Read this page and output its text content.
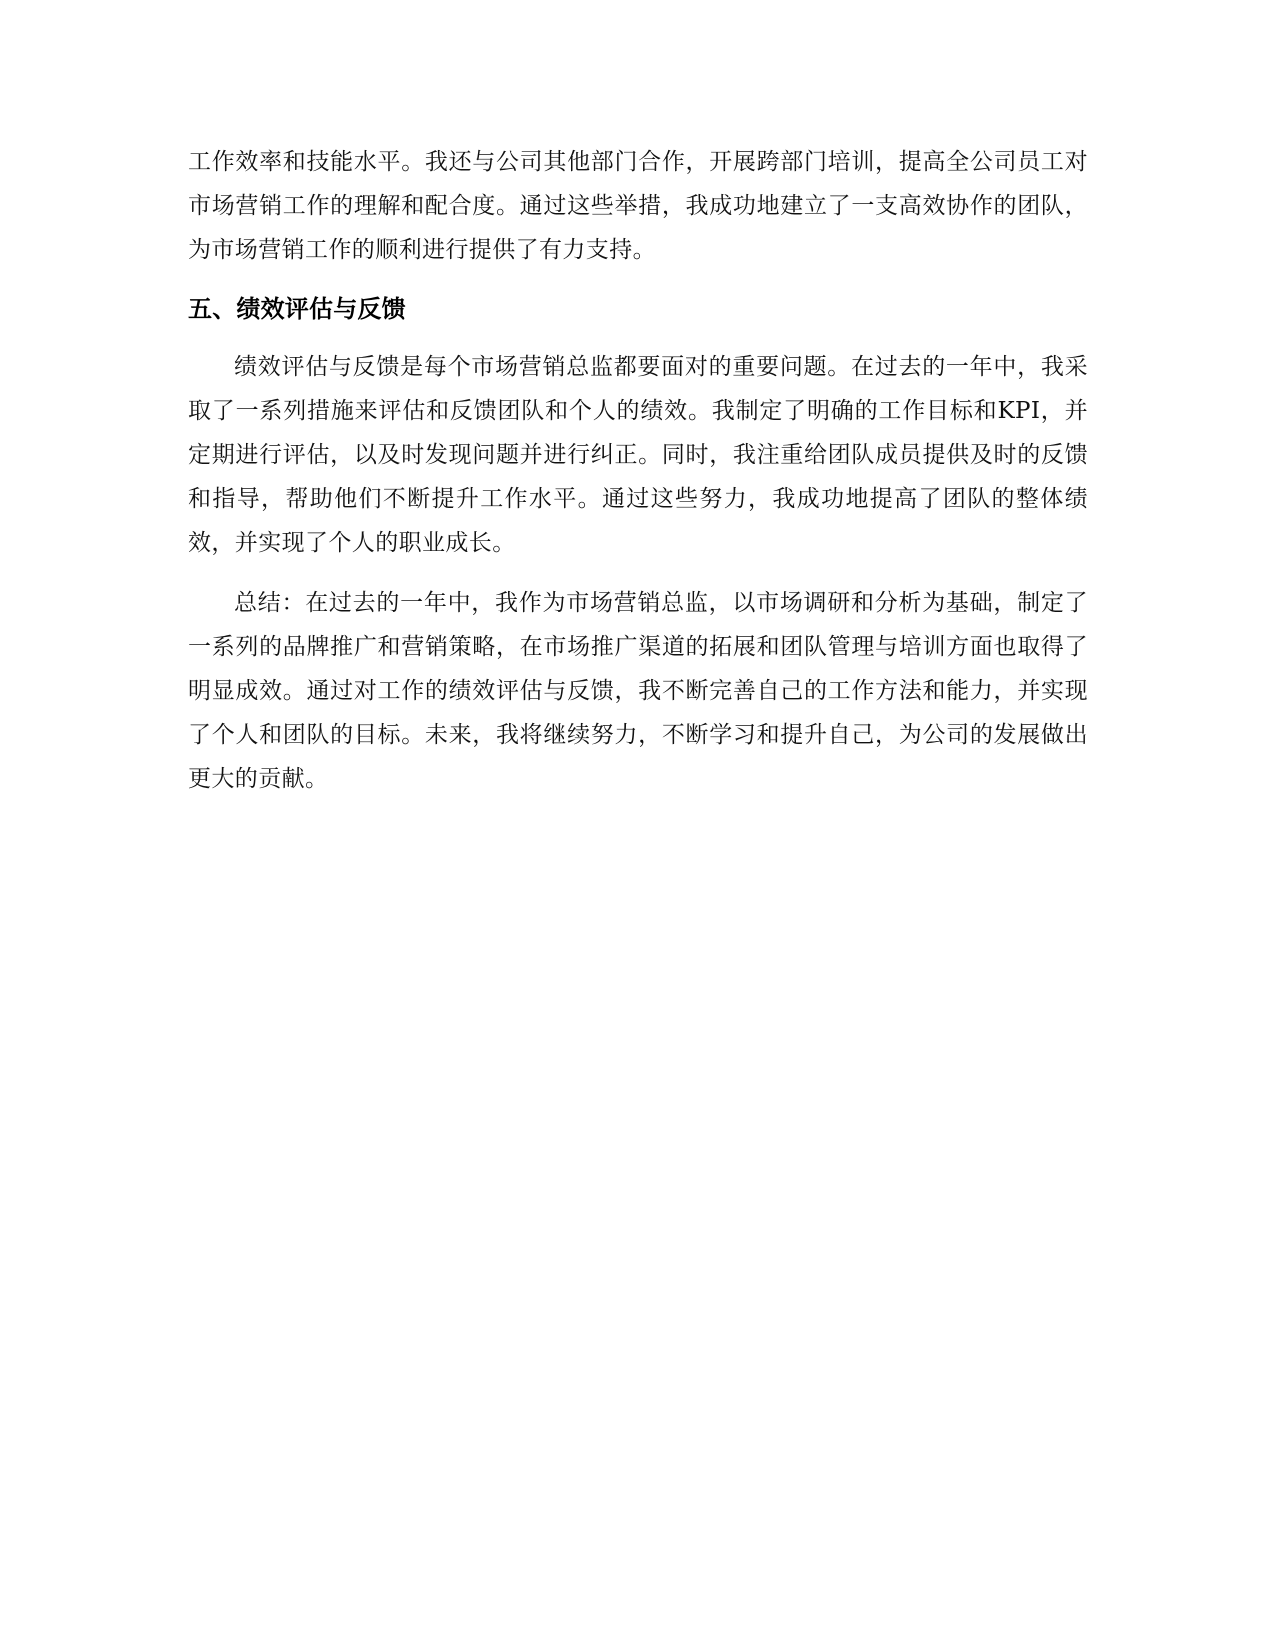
工作效率和技能水平。我还与公司其他部门合作，开展跨部门培训，提高全公司员工对市场营销工作的理解和配合度。通过这些举措，我成功地建立了一支高效协作的团队，为市场营销工作的顺利进行提供了有力支持。

五、绩效评估与反馈

绩效评估与反馈是每个市场营销总监都要面对的重要问题。在过去的一年中，我采取了一系列措施来评估和反馈团队和个人的绩效。我制定了明确的工作目标和KPI，并定期进行评估，以及时发现问题并进行纠正。同时，我注重给团队成员提供及时的反馈和指导，帮助他们不断提升工作水平。通过这些努力，我成功地提高了团队的整体绩效，并实现了个人的职业成长。

总结：在过去的一年中，我作为市场营销总监，以市场调研和分析为基础，制定了一系列的品牌推广和营销策略，在市场推广渠道的拓展和团队管理与培训方面也取得了明显成效。通过对工作的绩效评估与反馈，我不断完善自己的工作方法和能力，并实现了个人和团队的目标。未来，我将继续努力，不断学习和提升自己，为公司的发展做出更大的贡献。
